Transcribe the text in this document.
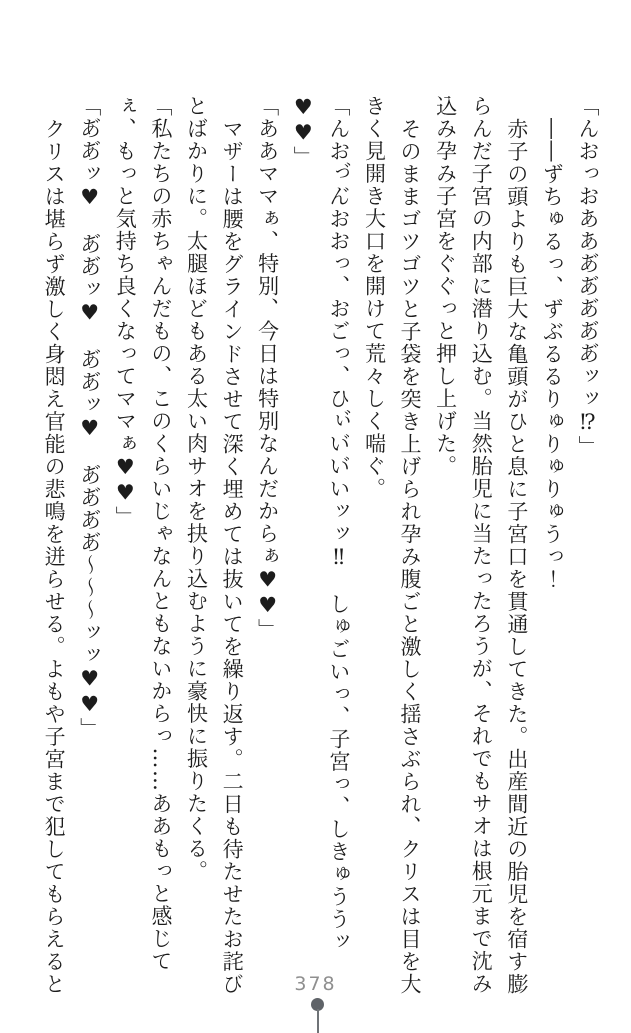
「んおっおあああ゙あ゙あ゙あ゙あ゙ッッ⁉」

――ずちゅるっ、ずぶるるりゅりゅりゅうっ！

赤子の頭よりも巨大な亀頭がひと息に子宮口を貫通してきた。出産間近の胎児を宿す膨らんだ子宮の内部に潜り込む。当然胎児に当たったろうが、それでもサオは根元まで沈み込み孕み子宮をぐぐっと押し上げた。

そのままゴツゴツと子袋を突き上げられ孕み腹ごと激しく揺さぶられ、クリスは目を大きく見開き大口を開けて荒々しく喘ぐ。

「んおっ゙ん゙おおっ、おごっ、ひぃ゙い゙い゙いッッ‼　しゅごいっ、子宮っ、しきゅううッ♥♥」

「ああママぁ、特別、今日は特別なんだからぁ♥♥」

マザーは腰をグラインドさせて深く埋めては抜いてを繰り返す。二日も待たせたお詫びとばかりに。太腿ほどもある太い肉サオを抉り込むように豪快に振りたくる。

「私たちの赤ちゃんだもの、このくらいじゃなんともないからっ……ああもっと感じてぇ、もっと気持ち良くなってママぁ♥♥」

「あ゙あ゙ッ♥　あ゙あ゙ッ♥　あ゙あ゙ッ♥　あ゙あ゙あ゙あ゙～～～ッッ♥♥」

クリスは堪らず激しく身悶え官能の悲鳴を迸らせる。よもや子宮まで犯してもらえると	378
